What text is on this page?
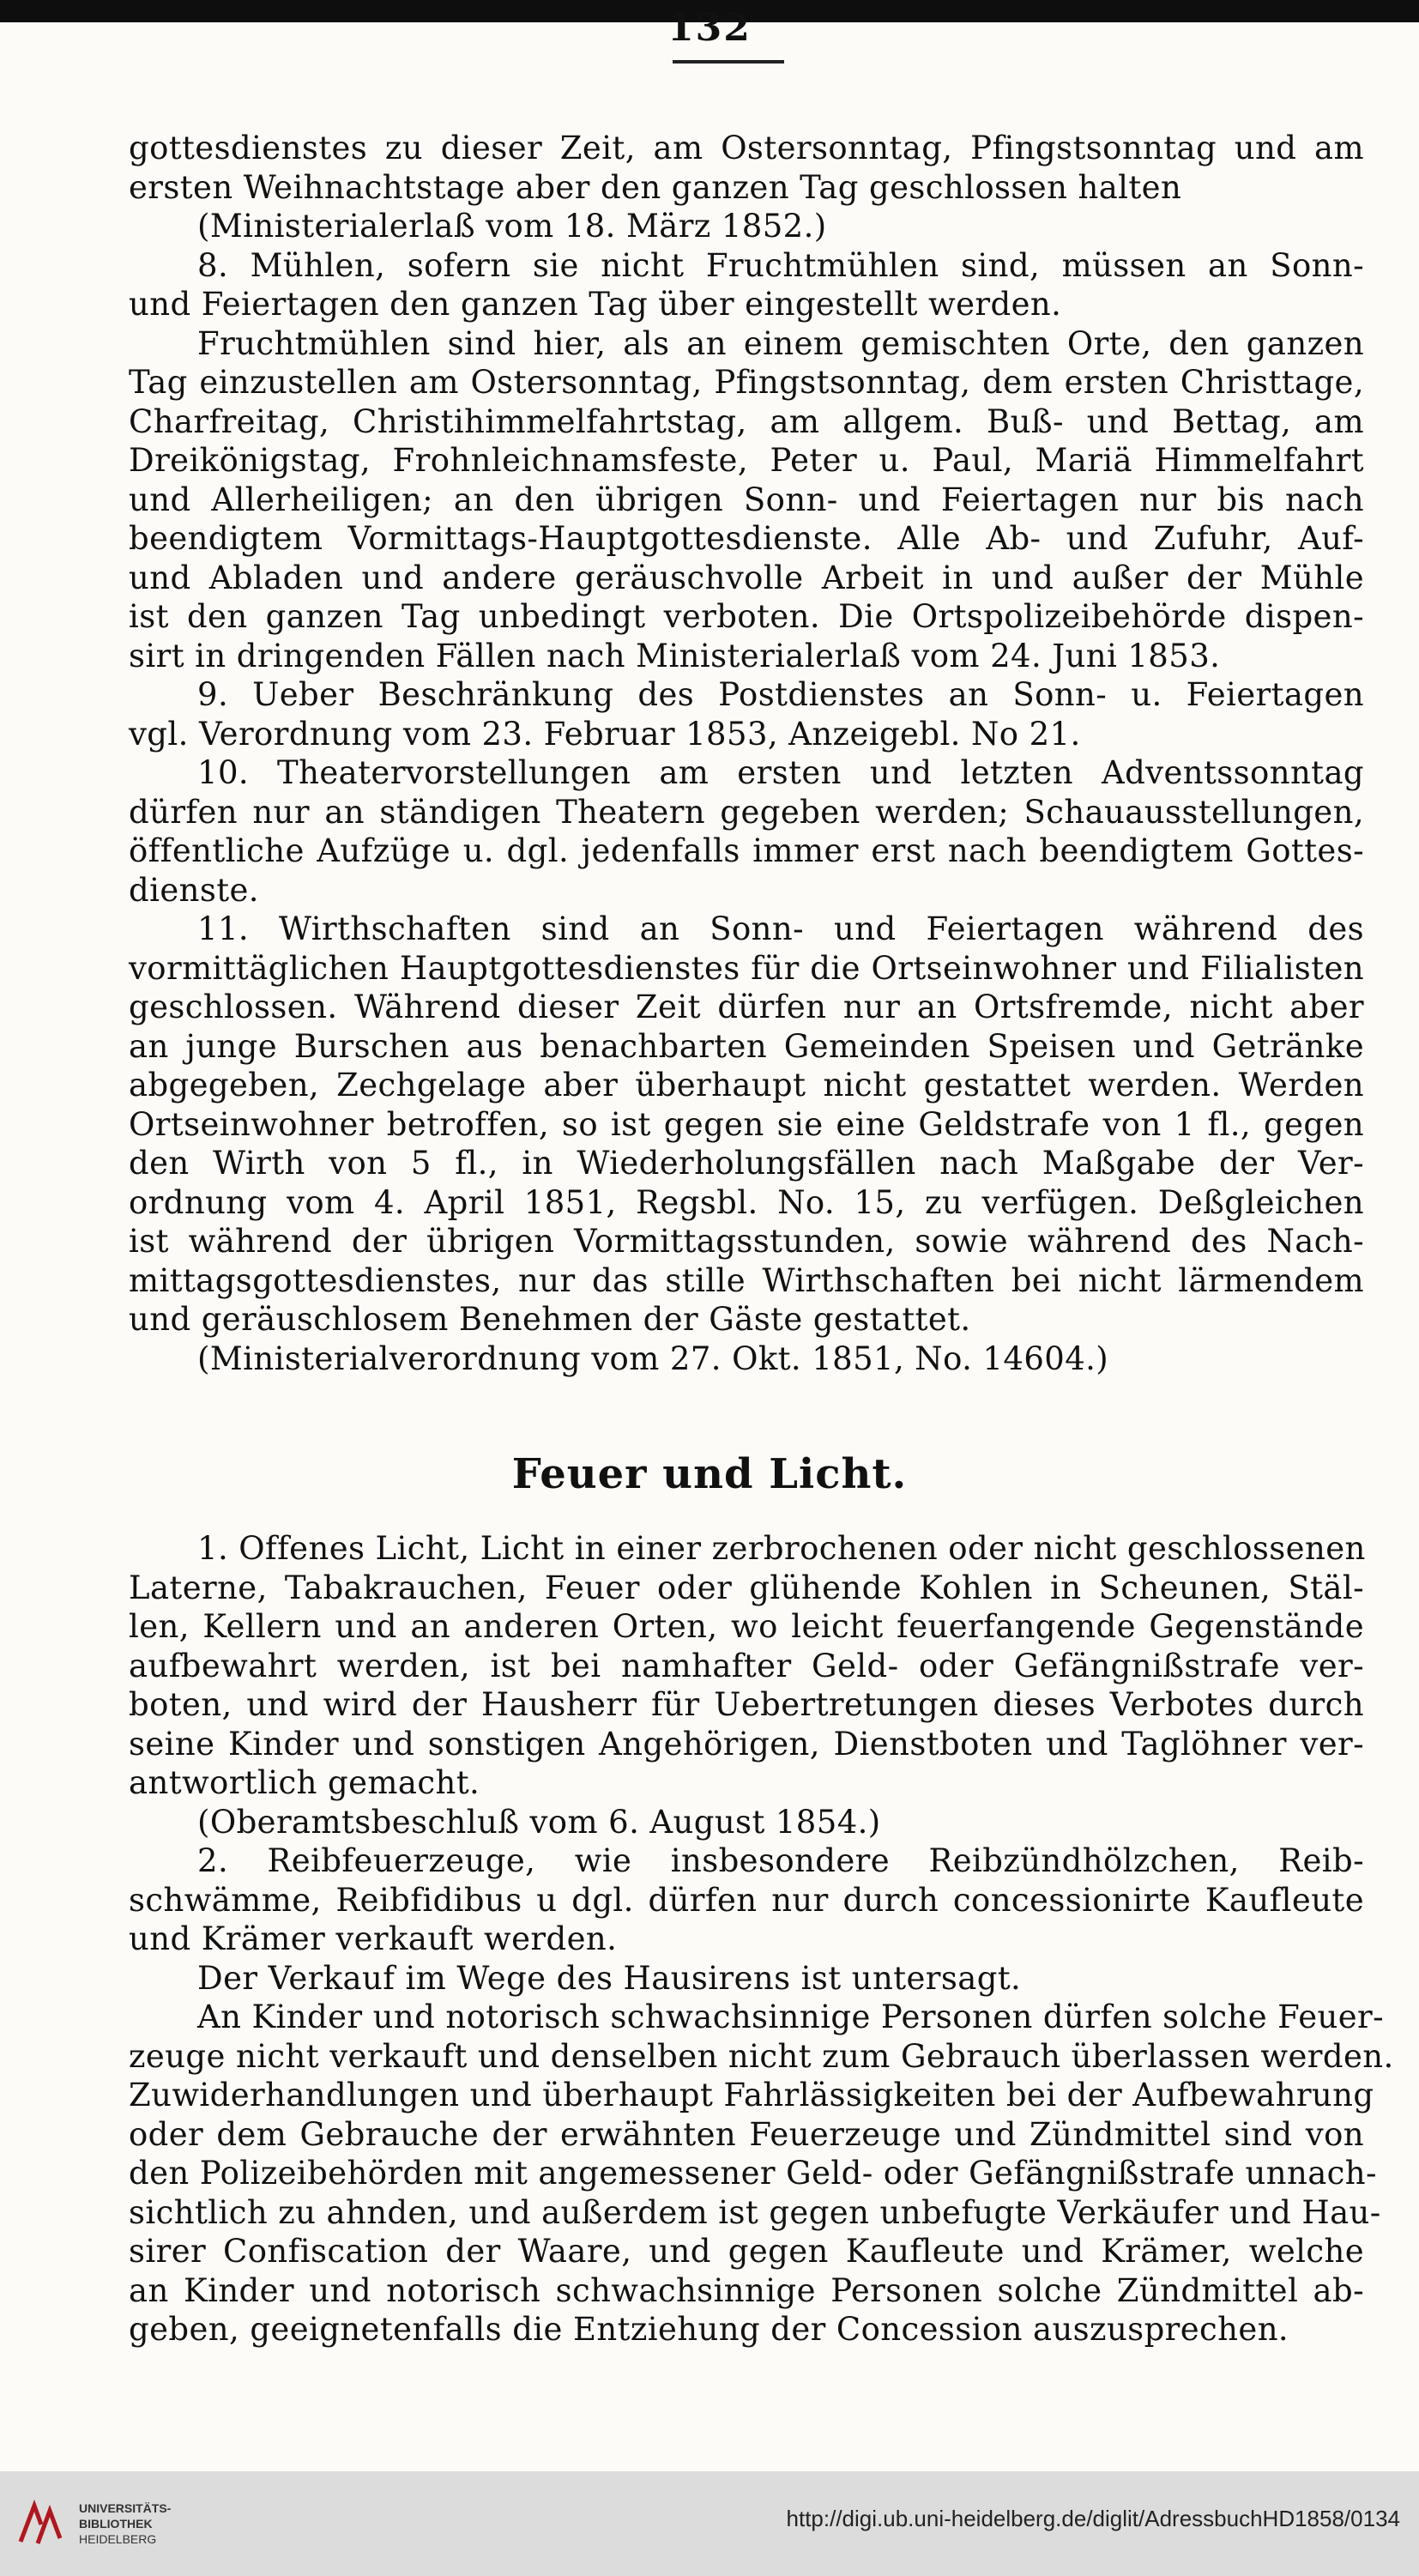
132
gottesdienstes zu dieser Zeit, am Ostersonntag, Pfingstsonntag und am
ersten Weihnachtstage aber den ganzen Tag geschlossen halten
(Ministerialerlaß vom 18. März 1852.)
8. Mühlen, sofern sie nicht Fruchtmühlen sind, müssen an Sonn-
und Feiertagen den ganzen Tag über eingestellt werden.
Fruchtmühlen sind hier, als an einem gemischten Orte, den ganzen
Tag einzustellen am Ostersonntag, Pfingstsonntag, dem ersten Christtage,
Charfreitag, Christihimmelfahrtstag, am allgem. Buß- und Bettag, am
Dreikönigstag, Frohnleichnamsfeste, Peter u. Paul, Mariä Himmelfahrt
und Allerheiligen; an den übrigen Sonn- und Feiertagen nur bis nach
beendigtem Vormittags-Hauptgottesdienste. Alle Ab- und Zufuhr, Auf-
und Abladen und andere geräuschvolle Arbeit in und außer der Mühle
ist den ganzen Tag unbedingt verboten. Die Ortspolizeibehörde dispen-
sirt in dringenden Fällen nach Ministerialerlaß vom 24. Juni 1853.
9. Ueber Beschränkung des Postdienstes an Sonn- u. Feiertagen
vgl. Verordnung vom 23. Februar 1853, Anzeigebl. No 21.
10. Theatervorstellungen am ersten und letzten Adventssonntag
dürfen nur an ständigen Theatern gegeben werden; Schauausstellungen,
öffentliche Aufzüge u. dgl. jedenfalls immer erst nach beendigtem Gottes-
dienste.
11. Wirthschaften sind an Sonn- und Feiertagen während des
vormittäglichen Hauptgottesdienstes für die Ortseinwohner und Filialisten
geschlossen. Während dieser Zeit dürfen nur an Ortsfremde, nicht aber
an junge Burschen aus benachbarten Gemeinden Speisen und Getränke
abgegeben, Zechgelage aber überhaupt nicht gestattet werden. Werden
Ortseinwohner betroffen, so ist gegen sie eine Geldstrafe von 1 fl., gegen
den Wirth von 5 fl., in Wiederholungsfällen nach Maßgabe der Ver-
ordnung vom 4. April 1851, Regsbl. No. 15, zu verfügen. Deßgleichen
ist während der übrigen Vormittagsstunden, sowie während des Nach-
mittagsgottesdienstes, nur das stille Wirthschaften bei nicht lärmendem
und geräuschlosem Benehmen der Gäste gestattet.
(Ministerialverordnung vom 27. Okt. 1851, No. 14604.)
Feuer und Licht.
1. Offenes Licht, Licht in einer zerbrochenen oder nicht geschlossenen
Laterne, Tabakrauchen, Feuer oder glühende Kohlen in Scheunen, Stäl-
len, Kellern und an anderen Orten, wo leicht feuerfangende Gegenstände
aufbewahrt werden, ist bei namhafter Geld- oder Gefängnißstrafe ver-
boten, und wird der Hausherr für Uebertretungen dieses Verbotes durch
seine Kinder und sonstigen Angehörigen, Dienstboten und Taglöhner ver-
antwortlich gemacht.
(Oberamtsbeschluß vom 6. August 1854.)
2. Reibfeuerzeuge, wie insbesondere Reibzündhölzchen, Reib-
schwämme, Reibfidibus u dgl. dürfen nur durch concessionirte Kaufleute
und Krämer verkauft werden.
Der Verkauf im Wege des Hausirens ist untersagt.
An Kinder und notorisch schwachsinnige Personen dürfen solche Feuer-
zeuge nicht verkauft und denselben nicht zum Gebrauch überlassen werden.
Zuwiderhandlungen und überhaupt Fahrlässigkeiten bei der Aufbewahrung
oder dem Gebrauche der erwähnten Feuerzeuge und Zündmittel sind von
den Polizeibehörden mit angemessener Geld- oder Gefängnißstrafe unnach-
sichtlich zu ahnden, und außerdem ist gegen unbefugte Verkäufer und Hau-
sirer Confiscation der Waare, und gegen Kaufleute und Krämer, welche
an Kinder und notorisch schwachsinnige Personen solche Zündmittel ab-
geben, geeignetenfalls die Entziehung der Concession auszusprechen.
UNIVERSITÄTS-
BIBLIOTHEK
HEIDELBERG
http://digi.ub.uni-heidelberg.de/diglit/AdressbuchHD1858/0134
